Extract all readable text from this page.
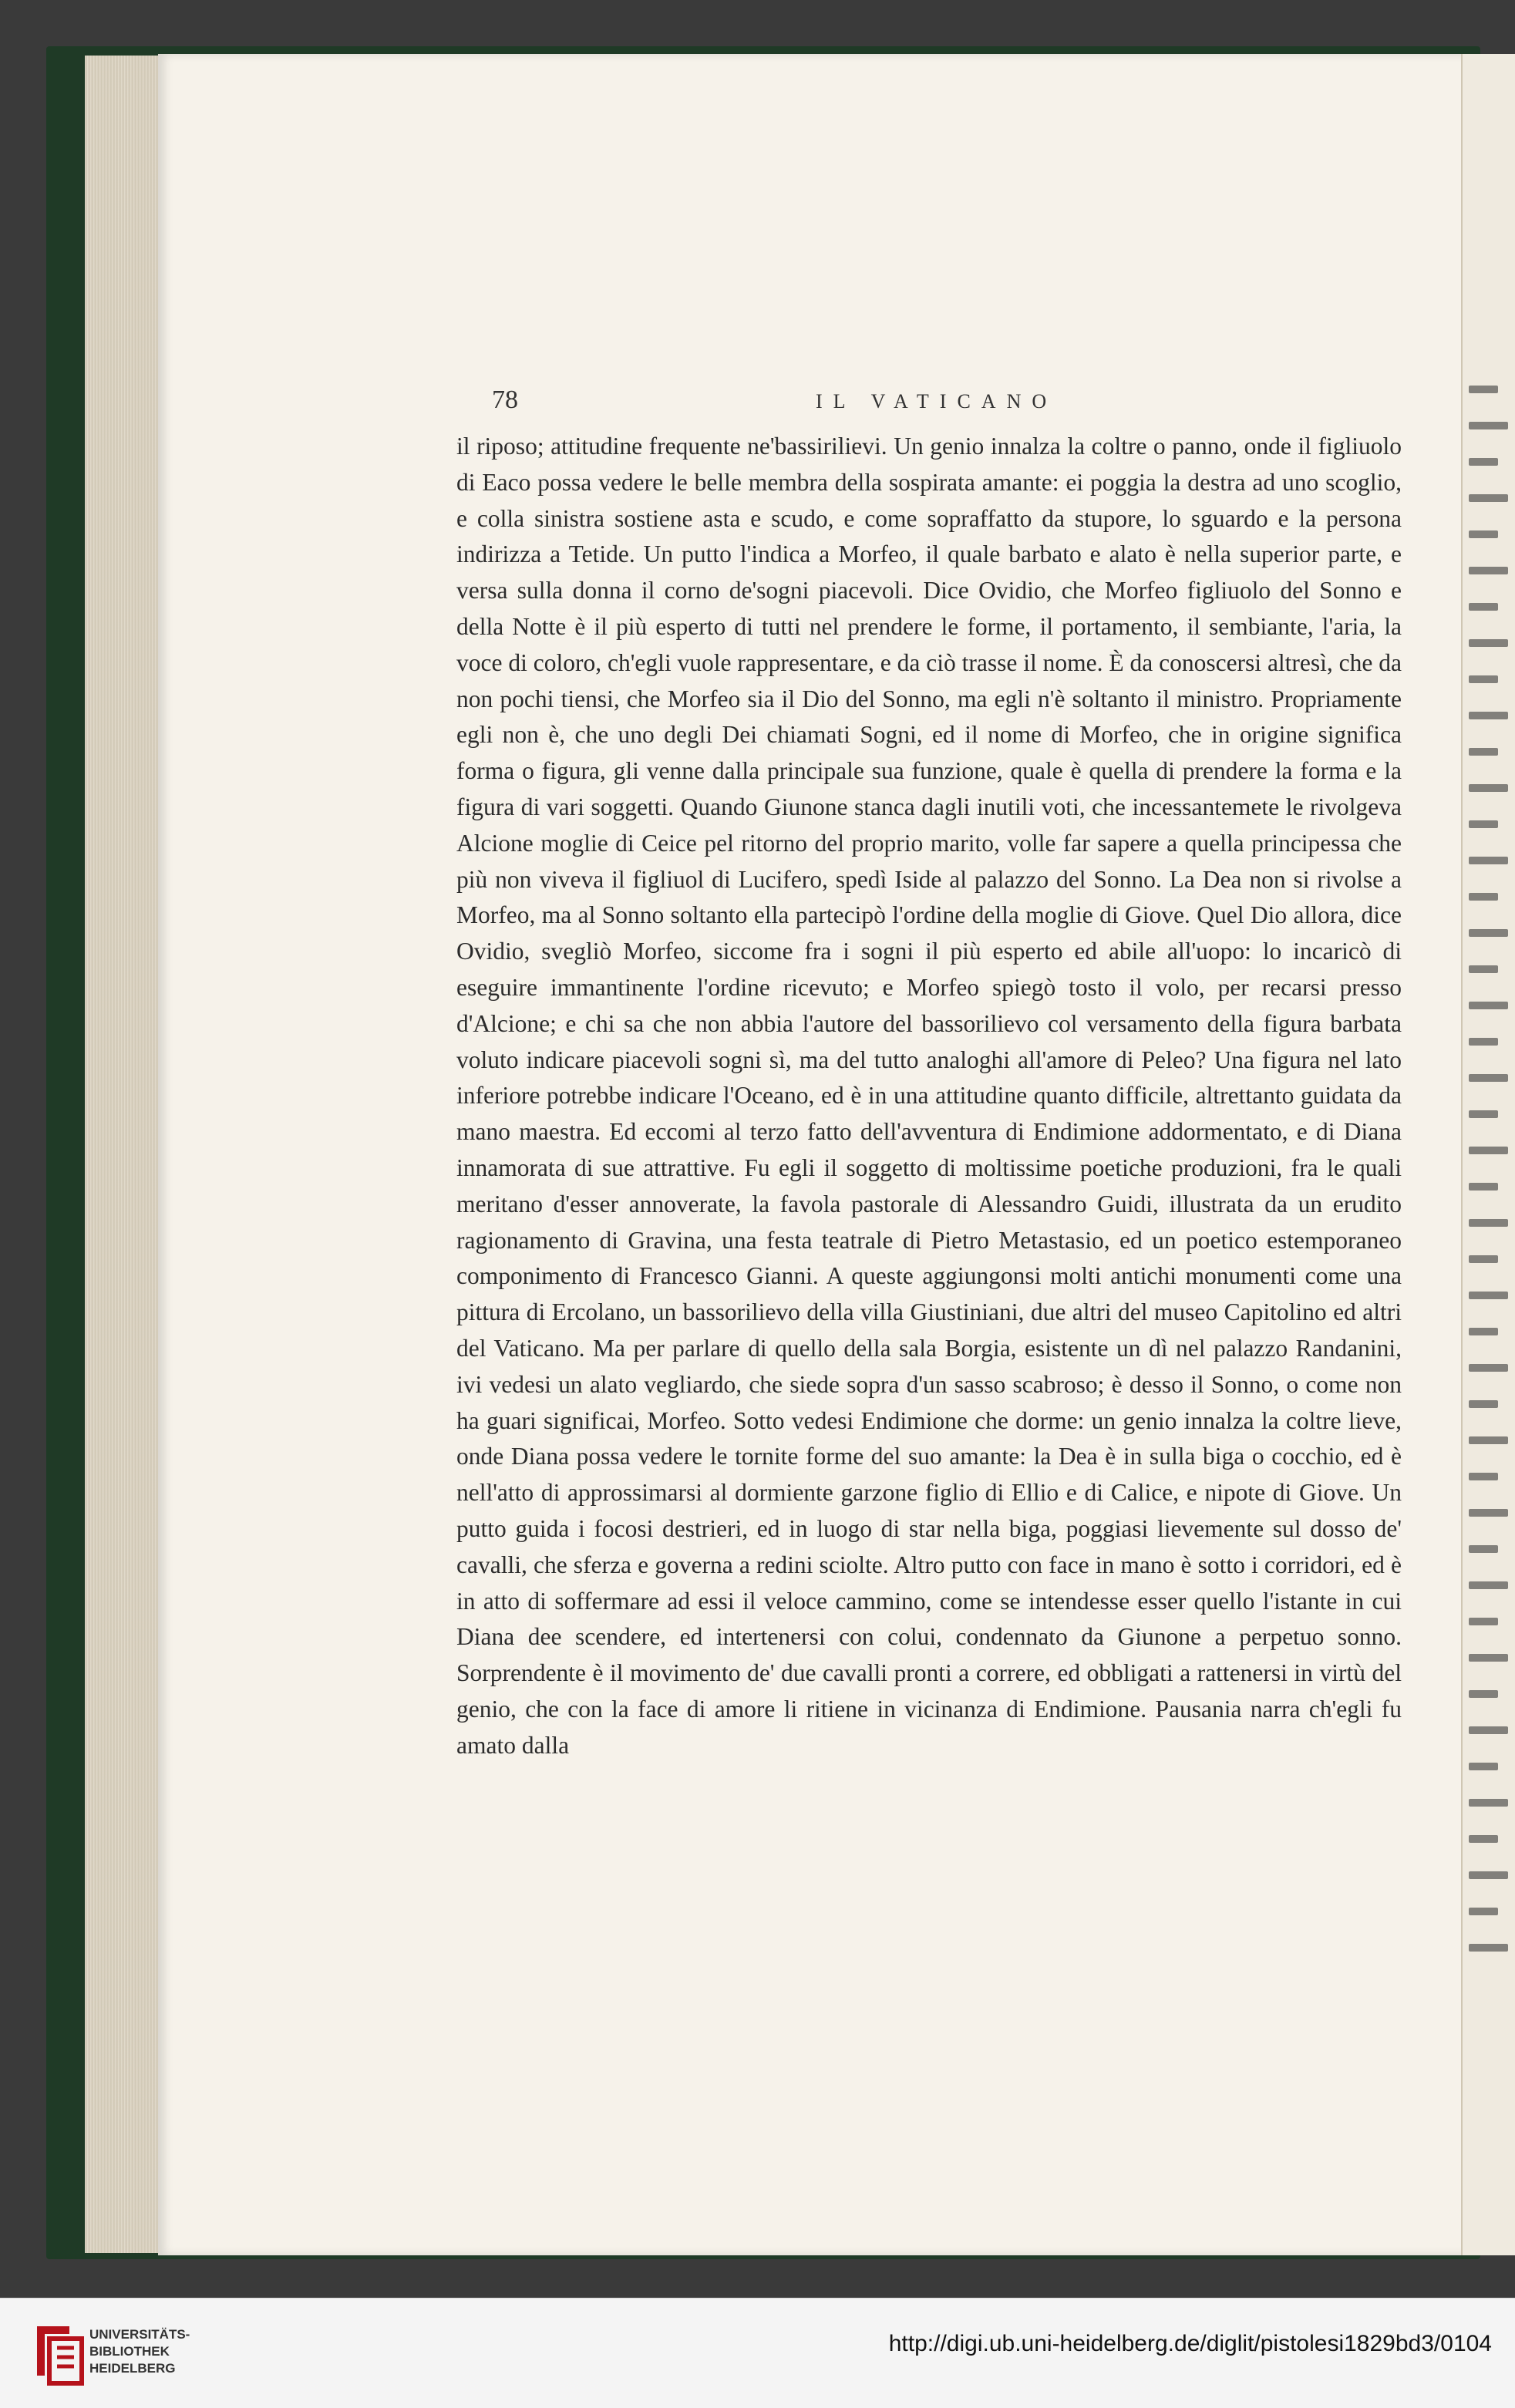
78	IL VATICANO

il riposo; attitudine frequente ne'bassirilievi. Un genio innalza la coltre o panno, onde il figliuolo di Eaco possa vedere le belle membra della sospirata amante: ei poggia la destra ad uno scoglio, e colla sinistra sostiene asta e scudo, e come sopraffatto da stupore, lo sguardo e la persona indirizza a Tetide. Un putto l'indica a Morfeo, il quale barbato e alato è nella superior parte, e versa sulla donna il corno de'sogni piacevoli. Dice Ovidio, che Morfeo figliuolo del Sonno e della Notte è il più esperto di tutti nel prendere le forme, il portamento, il sembiante, l'aria, la voce di coloro, ch'egli vuole rappresentare, e da ciò trasse il nome. È da conoscersi altresì, che da non pochi tiensi, che Morfeo sia il Dio del Sonno, ma egli n'è soltanto il ministro. Propriamente egli non è, che uno degli Dei chiamati Sogni, ed il nome di Morfeo, che in origine significa forma o figura, gli venne dalla principale sua funzione, quale è quella di prendere la forma e la figura di vari soggetti. Quando Giunone stanca dagli inutili voti, che incessantemete le rivolgeva Alcione moglie di Ceice pel ritorno del proprio marito, volle far sapere a quella principessa che più non viveva il figliuol di Lucifero, spedì Iside al palazzo del Sonno. La Dea non si rivolse a Morfeo, ma al Sonno soltanto ella partecipò l'ordine della moglie di Giove. Quel Dio allora, dice Ovidio, svegliò Morfeo, siccome fra i sogni il più esperto ed abile all'uopo: lo incaricò di eseguire immantinente l'ordine ricevuto; e Morfeo spiegò tosto il volo, per recarsi presso d'Alcione; e chi sa che non abbia l'autore del bassorilievo col versamento della figura barbata voluto indicare piacevoli sogni sì, ma del tutto analoghi all'amore di Peleo? Una figura nel lato inferiore potrebbe indicare l'Oceano, ed è in una attitudine quanto difficile, altrettanto guidata da mano maestra. Ed eccomi al terzo fatto dell'avventura di Endimione addormentato, e di Diana innamorata di sue attrattive. Fu egli il soggetto di moltissime poetiche produzioni, fra le quali meritano d'esser annoverate, la favola pastorale di Alessandro Guidi, illustrata da un erudito ragionamento di Gravina, una festa teatrale di Pietro Metastasio, ed un poetico estemporaneo componimento di Francesco Gianni. A queste aggiungonsi molti antichi monumenti come una pittura di Ercolano, un bassorilievo della villa Giustiniani, due altri del museo Capitolino ed altri del Vaticano. Ma per parlare di quello della sala Borgia, esistente un dì nel palazzo Randanini, ivi vedesi un alato vegliardo, che siede sopra d'un sasso scabroso; è desso il Sonno, o come non ha guari significai, Morfeo. Sotto vedesi Endimione che dorme: un genio innalza la coltre lieve, onde Diana possa vedere le tornite forme del suo amante: la Dea è in sulla biga o cocchio, ed è nell'atto di approssimarsi al dormiente garzone figlio di Ellio e di Calice, e nipote di Giove. Un putto guida i focosi destrieri, ed in luogo di star nella biga, poggiasi lievemente sul dosso de' cavalli, che sferza e governa a redini sciolte. Altro putto con face in mano è sotto i corridori, ed è in atto di soffermare ad essi il veloce cammino, come se intendesse esser quello l'istante in cui Diana dee scendere, ed intertenersi con colui, condennato da Giunone a perpetuo sonno. Sorprendente è il movimento de' due cavalli pronti a correre, ed obbligati a rattenersi in virtù del genio, che con la face di amore li ritiene in vicinanza di Endimione. Pausania narra ch'egli fu amato dalla

UNIVERSITÄTS-
BIBLIOTHEK
HEIDELBERG
http://digi.ub.uni-heidelberg.de/diglit/pistolesi1829bd3/0104
